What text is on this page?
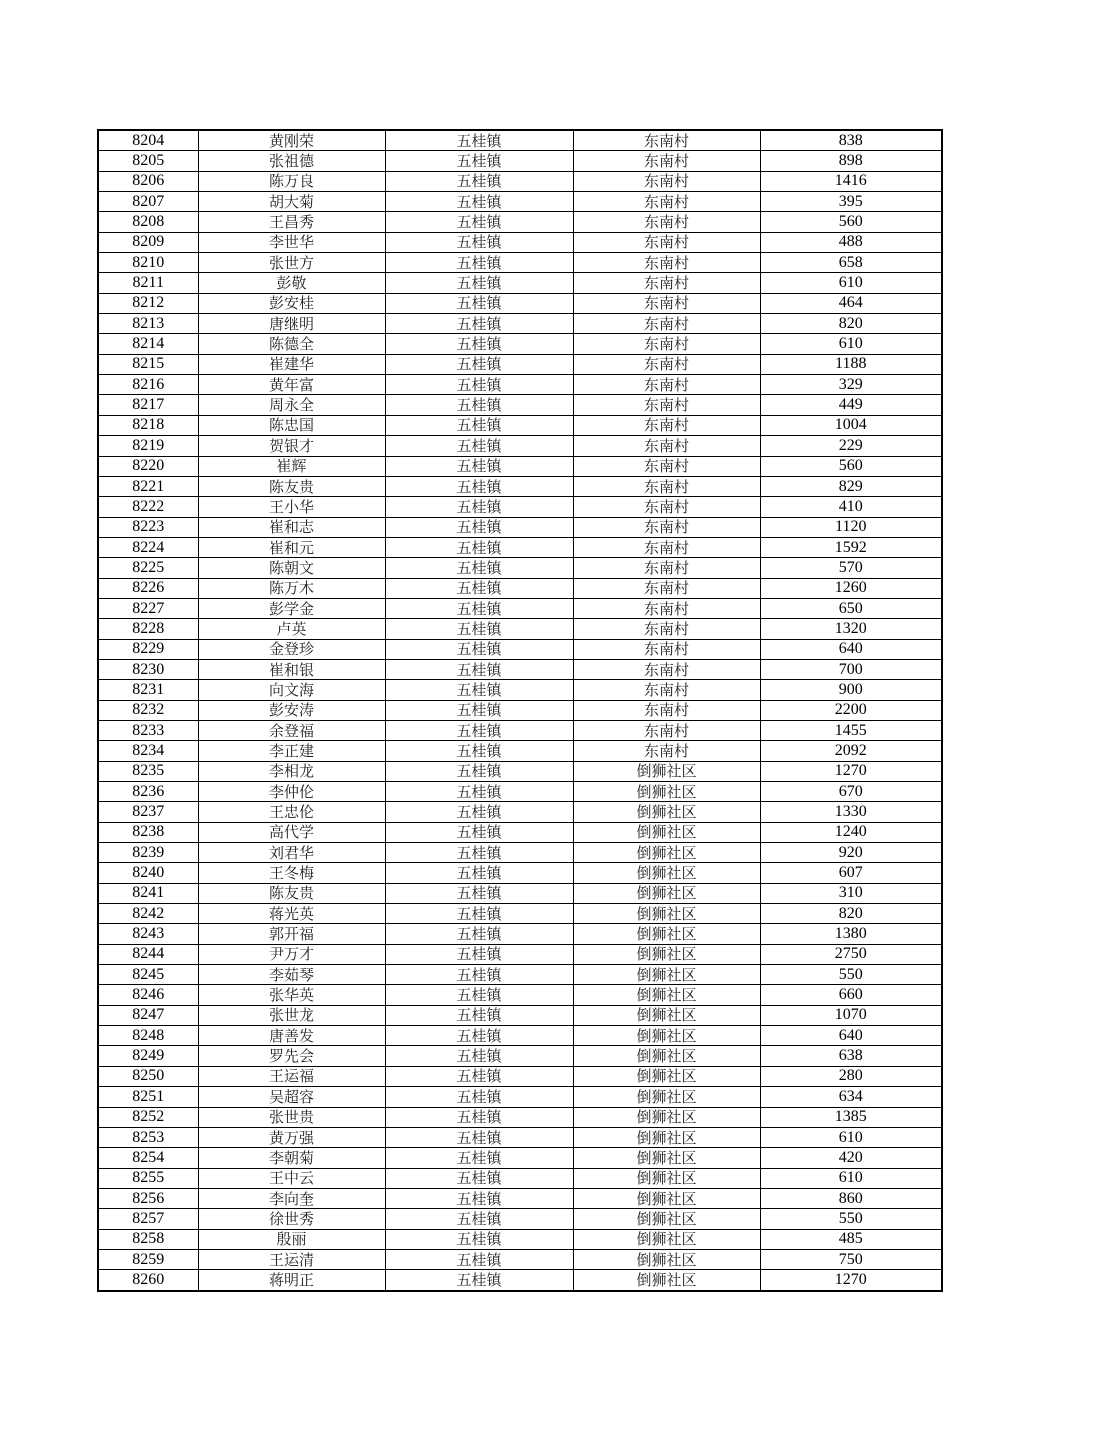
8204	黄刚荣	五桂镇	东南村	838
8205	张祖德	五桂镇	东南村	898
8206	陈万良	五桂镇	东南村	1416
8207	胡大菊	五桂镇	东南村	395
8208	王昌秀	五桂镇	东南村	560
8209	李世华	五桂镇	东南村	488
8210	张世方	五桂镇	东南村	658
8211	彭敬	五桂镇	东南村	610
8212	彭安桂	五桂镇	东南村	464
8213	唐继明	五桂镇	东南村	820
8214	陈德全	五桂镇	东南村	610
8215	崔建华	五桂镇	东南村	1188
8216	黄年富	五桂镇	东南村	329
8217	周永全	五桂镇	东南村	449
8218	陈忠国	五桂镇	东南村	1004
8219	贺银才	五桂镇	东南村	229
8220	崔辉	五桂镇	东南村	560
8221	陈友贵	五桂镇	东南村	829
8222	王小华	五桂镇	东南村	410
8223	崔和志	五桂镇	东南村	1120
8224	崔和元	五桂镇	东南村	1592
8225	陈朝文	五桂镇	东南村	570
8226	陈万木	五桂镇	东南村	1260
8227	彭学金	五桂镇	东南村	650
8228	卢英	五桂镇	东南村	1320
8229	金登珍	五桂镇	东南村	640
8230	崔和银	五桂镇	东南村	700
8231	向文海	五桂镇	东南村	900
8232	彭安涛	五桂镇	东南村	2200
8233	余登福	五桂镇	东南村	1455
8234	李正建	五桂镇	东南村	2092
8235	李相龙	五桂镇	倒狮社区	1270
8236	李仲伦	五桂镇	倒狮社区	670
8237	王忠伦	五桂镇	倒狮社区	1330
8238	高代学	五桂镇	倒狮社区	1240
8239	刘君华	五桂镇	倒狮社区	920
8240	王冬梅	五桂镇	倒狮社区	607
8241	陈友贵	五桂镇	倒狮社区	310
8242	蒋光英	五桂镇	倒狮社区	820
8243	郭开福	五桂镇	倒狮社区	1380
8244	尹万才	五桂镇	倒狮社区	2750
8245	李茹琴	五桂镇	倒狮社区	550
8246	张华英	五桂镇	倒狮社区	660
8247	张世龙	五桂镇	倒狮社区	1070
8248	唐善发	五桂镇	倒狮社区	640
8249	罗先会	五桂镇	倒狮社区	638
8250	王运福	五桂镇	倒狮社区	280
8251	吴超容	五桂镇	倒狮社区	634
8252	张世贵	五桂镇	倒狮社区	1385
8253	黄万强	五桂镇	倒狮社区	610
8254	李朝菊	五桂镇	倒狮社区	420
8255	王中云	五桂镇	倒狮社区	610
8256	李向奎	五桂镇	倒狮社区	860
8257	徐世秀	五桂镇	倒狮社区	550
8258	殷丽	五桂镇	倒狮社区	485
8259	王运清	五桂镇	倒狮社区	750
8260	蒋明正	五桂镇	倒狮社区	1270
